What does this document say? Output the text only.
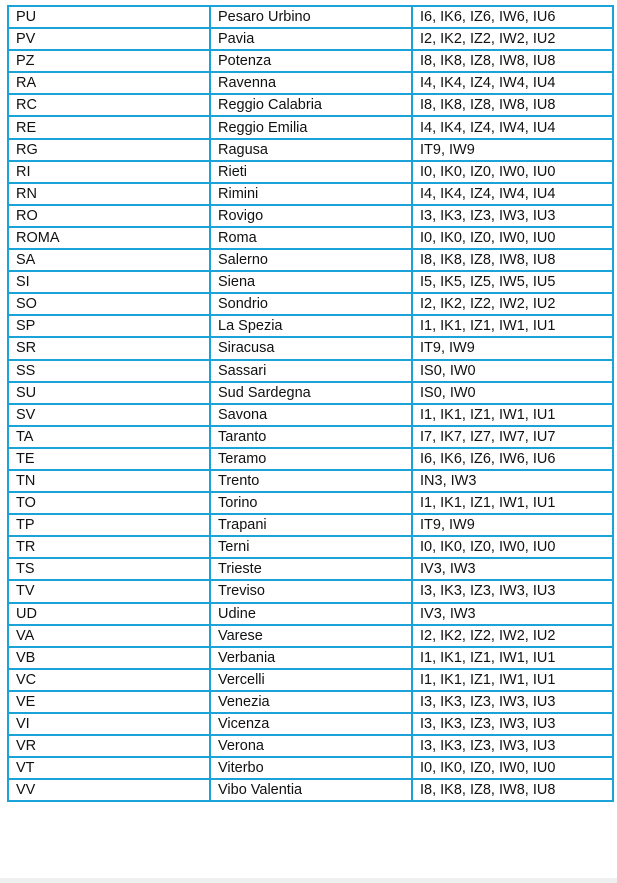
PU	Pesaro Urbino	I6, IK6, IZ6, IW6, IU6
PV	Pavia	I2, IK2, IZ2, IW2, IU2
PZ	Potenza	I8, IK8, IZ8, IW8, IU8
RA	Ravenna	I4, IK4, IZ4, IW4, IU4
RC	Reggio Calabria	I8, IK8, IZ8, IW8, IU8
RE	Reggio Emilia	I4, IK4, IZ4, IW4, IU4
RG	Ragusa	IT9, IW9
RI	Rieti	I0, IK0, IZ0, IW0, IU0
RN	Rimini	I4, IK4, IZ4, IW4, IU4
RO	Rovigo	I3, IK3, IZ3, IW3, IU3
ROMA	Roma	I0, IK0, IZ0, IW0, IU0
SA	Salerno	I8, IK8, IZ8, IW8, IU8
SI	Siena	I5, IK5, IZ5, IW5, IU5
SO	Sondrio	I2, IK2, IZ2, IW2, IU2
SP	La Spezia	I1, IK1, IZ1, IW1, IU1
SR	Siracusa	IT9, IW9
SS	Sassari	IS0, IW0
SU	Sud Sardegna	IS0, IW0
SV	Savona	I1, IK1, IZ1, IW1, IU1
TA	Taranto	I7, IK7, IZ7, IW7, IU7
TE	Teramo	I6, IK6, IZ6, IW6, IU6
TN	Trento	IN3, IW3
TO	Torino	I1, IK1, IZ1, IW1, IU1
TP	Trapani	IT9, IW9
TR	Terni	I0, IK0, IZ0, IW0, IU0
TS	Trieste	IV3, IW3
TV	Treviso	I3, IK3, IZ3, IW3, IU3
UD	Udine	IV3, IW3
VA	Varese	I2, IK2, IZ2, IW2, IU2
VB	Verbania	I1, IK1, IZ1, IW1, IU1
VC	Vercelli	I1, IK1, IZ1, IW1, IU1
VE	Venezia	I3, IK3, IZ3, IW3, IU3
VI	Vicenza	I3, IK3, IZ3, IW3, IU3
VR	Verona	I3, IK3, IZ3, IW3, IU3
VT	Viterbo	I0, IK0, IZ0, IW0, IU0
VV	Vibo Valentia	I8, IK8, IZ8, IW8, IU8
